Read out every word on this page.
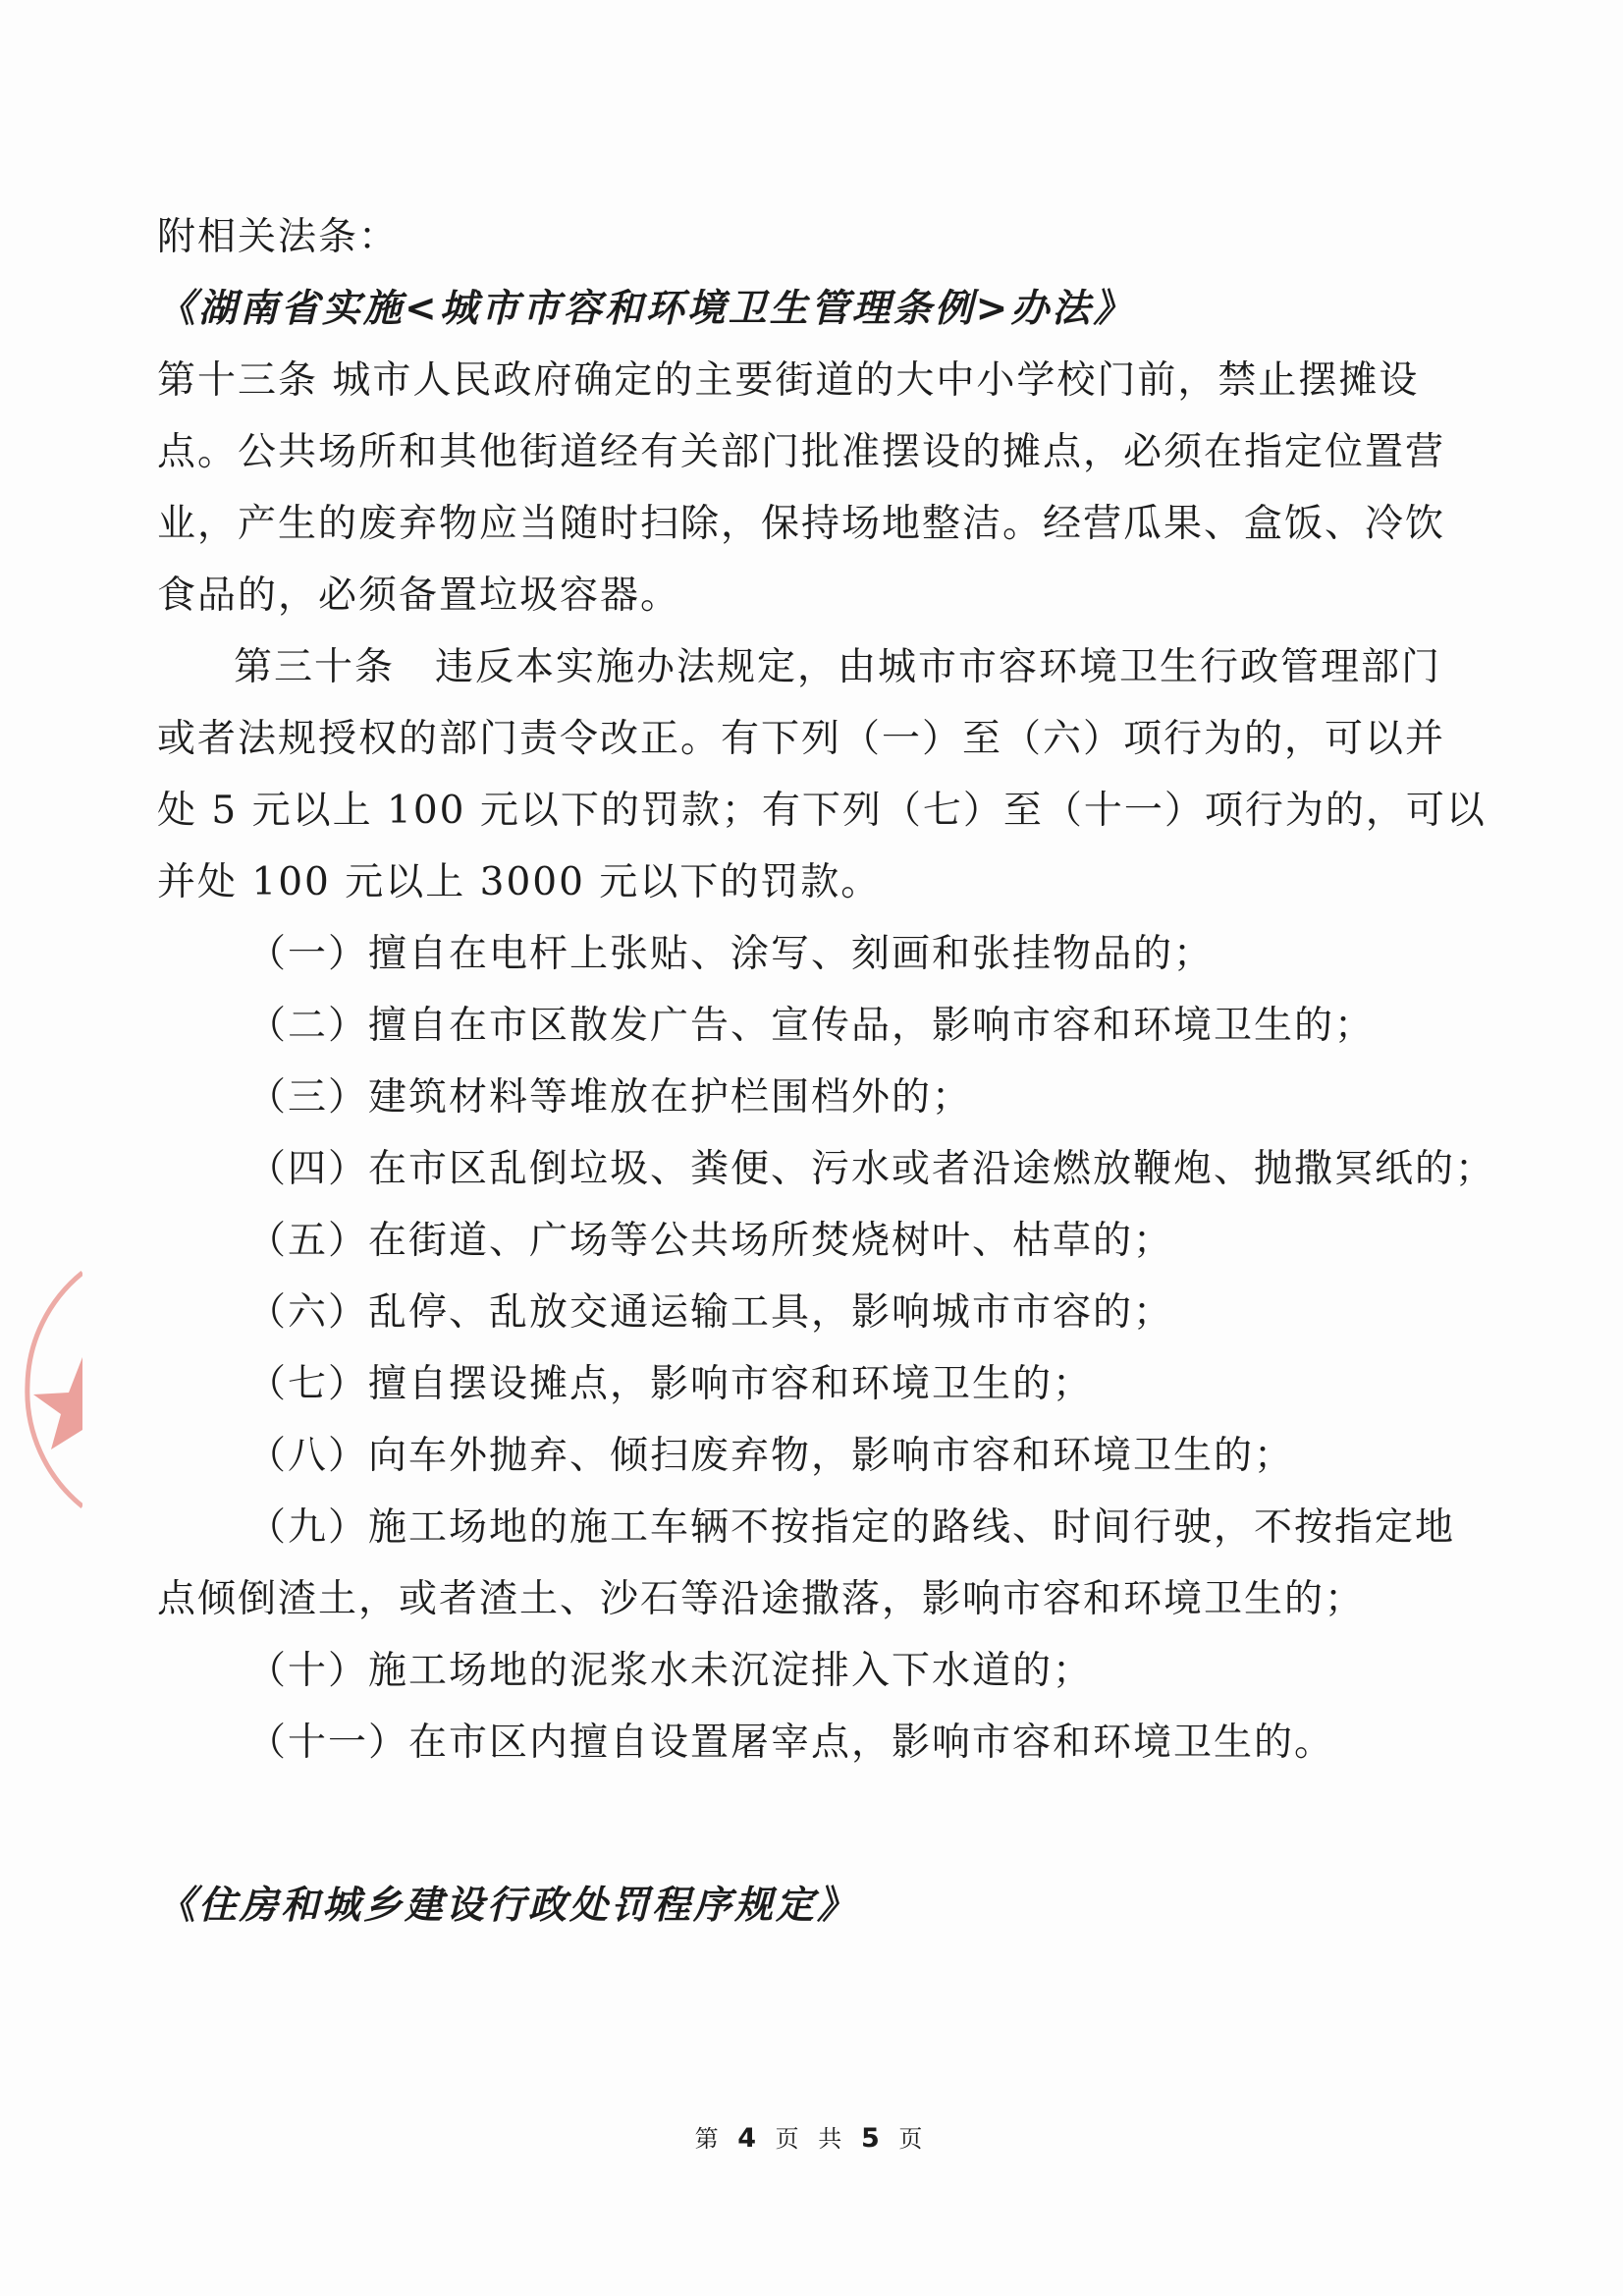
附相关法条：
《湖南省实施<城市市容和环境卫生管理条例>办法》
第十三条 城市人民政府确定的主要街道的大中小学校门前，禁止摆摊设
点。公共场所和其他街道经有关部门批准摆设的摊点，必须在指定位置营
业，产生的废弃物应当随时扫除，保持场地整洁。经营瓜果、盒饭、冷饮
食品的，必须备置垃圾容器。
第三十条　违反本实施办法规定，由城市市容环境卫生行政管理部门
或者法规授权的部门责令改正。有下列（一）至（六）项行为的，可以并
处 5 元以上 100 元以下的罚款；有下列（七）至（十一）项行为的，可以
并处 100 元以上 3000 元以下的罚款。
（一）擅自在电杆上张贴、涂写、刻画和张挂物品的；
（二）擅自在市区散发广告、宣传品，影响市容和环境卫生的；
（三）建筑材料等堆放在护栏围档外的；
（四）在市区乱倒垃圾、粪便、污水或者沿途燃放鞭炮、抛撒冥纸的；
（五）在街道、广场等公共场所焚烧树叶、枯草的；
（六）乱停、乱放交通运输工具，影响城市市容的；
（七）擅自摆设摊点，影响市容和环境卫生的；
（八）向车外抛弃、倾扫废弃物，影响市容和环境卫生的；
（九）施工场地的施工车辆不按指定的路线、时间行驶，不按指定地
点倾倒渣土，或者渣土、沙石等沿途撒落，影响市容和环境卫生的；
（十）施工场地的泥浆水未沉淀排入下水道的；
（十一）在市区内擅自设置屠宰点，影响市容和环境卫生的。
《住房和城乡建设行政处罚程序规定》
第 4 页 共 5 页
